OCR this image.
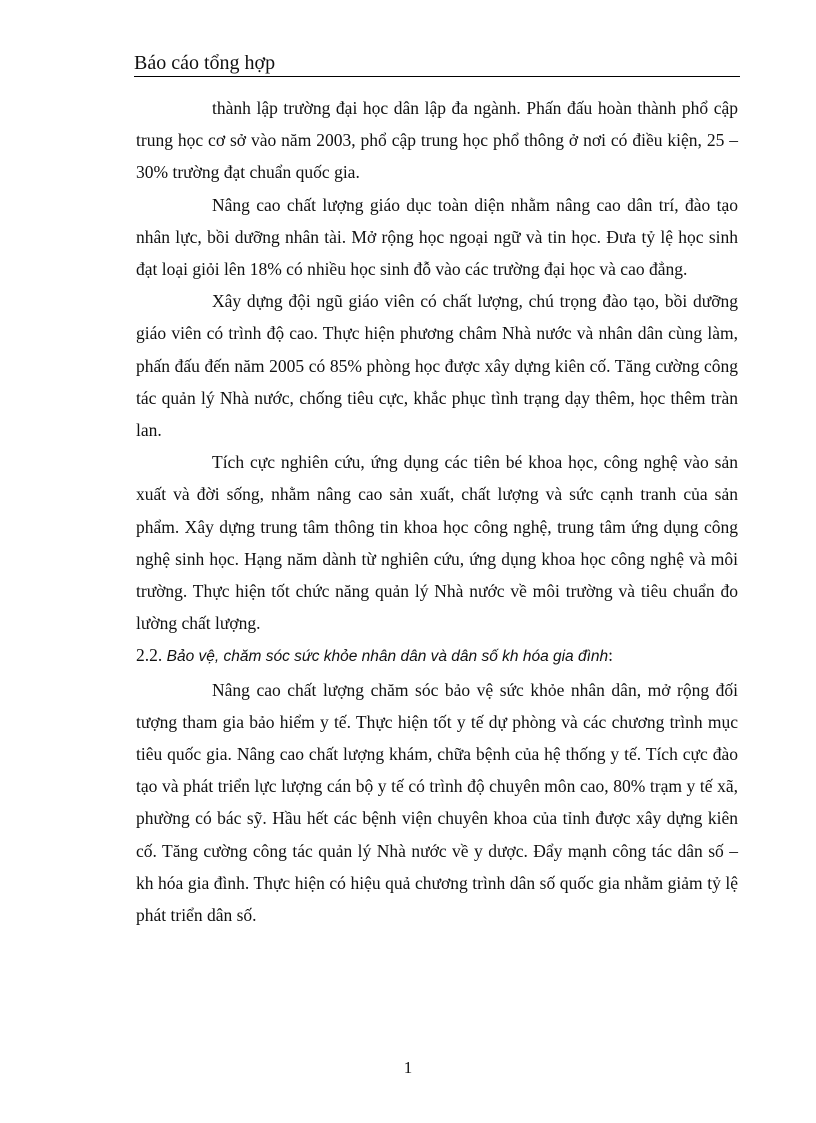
Báo cáo tổng hợp

thành lập trường đại học dân lập đa ngành. Phấn đấu hoàn thành phổ cập trung học cơ sở vào năm 2003, phổ cập trung học phổ thông ở nơi có điều kiện, 25 – 30% trường đạt chuẩn quốc gia.

Nâng cao chất lượng giáo dục toàn diện nhằm nâng cao dân trí, đào tạo nhân lực, bồi dưỡng nhân tài. Mở rộng học ngoại ngữ và tin học. Đưa tỷ lệ học sinh đạt loại giỏi lên 18% có nhiều học sinh đỗ vào các trường đại học và cao đẳng.

Xây dựng đội ngũ giáo viên có chất lượng, chú trọng đào tạo, bồi dưỡng giáo viên có trình độ cao. Thực hiện phương châm Nhà nước và nhân dân cùng làm, phấn đấu đến năm 2005 có 85% phòng học được xây dựng kiên cố. Tăng cường công tác quản lý Nhà nước, chống tiêu cực, khắc phục tình trạng dạy thêm, học thêm tràn lan.

Tích cực nghiên cứu, ứng dụng các tiên bé khoa học, công nghệ vào sản xuất và đời sống, nhằm nâng cao sản xuất, chất lượng và sức cạnh tranh của sản phẩm. Xây dựng trung tâm thông tin khoa học công nghệ, trung tâm ứng dụng công nghệ sinh học. Hạng năm dành từ nghiên cứu, ứng dụng khoa học công nghệ và môi trường. Thực hiện tốt chức năng quản lý Nhà nước về môi trường và tiêu chuẩn đo lường chất lượng.

2.2. Bảo vệ, chăm sóc sức khỏe nhân dân và dân số kh hóa gia đình:

Nâng cao chất lượng chăm sóc bảo vệ sức khỏe nhân dân, mở rộng đối tượng tham gia bảo hiểm y tế. Thực hiện tốt y tế dự phòng và các chương trình mục tiêu quốc gia. Nâng cao chất lượng khám, chữa bệnh của hệ thống y tế. Tích cực đào tạo và phát triển lực lượng cán bộ y tế có trình độ chuyên môn cao, 80% trạm y tế xã, phường có bác sỹ. Hầu hết các bệnh viện chuyên khoa của tỉnh được xây dựng kiên cố. Tăng cường công tác quản lý Nhà nước về y dược. Đẩy mạnh công tác dân số – kh hóa gia đình. Thực hiện có hiệu quả chương trình dân số quốc gia nhằm giảm tỷ lệ phát triển dân số.

1
